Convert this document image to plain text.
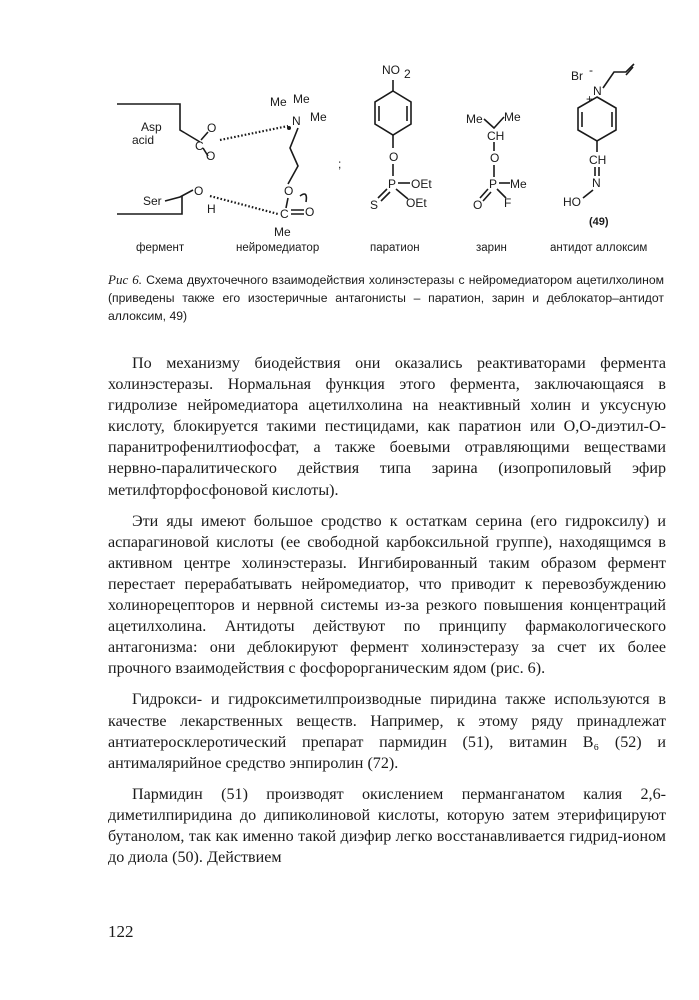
Asp
acid	C
O
O
Ser
O
H
Me Me
Me
N
O
C O
Me
;
NO 2
O
P OEt
OEt
S
Me Me
CH
O
P Me
F
O
Br -
N
+
CH
N
HO
(49)
фермент	нейромедиатор	паратион	зарин	антидот аллоксим
Рис 6. Схема двухточечного взаимодействия холинэстеразы с нейромедиатором ацетилхолином (приведены также его изостеричные антагонисты – паратион, зарин и деблокатор–антидот аллоксим, 49)

По механизму биодействия они оказались реактиваторами фермента холинэстеразы. Нормальная функция этого фермента, заключающаяся в гидролизе нейромедиатора ацетилхолина на неактивный холин и уксусную кислоту, блокируется такими пестицидами, как паратион или О,О-диэтил-О-паранитрофенилтиофосфат, а также боевыми отравляющими веществами нервно-паралитического действия типа зарина (изопропиловый эфир метилфторфосфоновой кислоты).

Эти яды имеют большое сродство к остаткам серина (его гидроксилу) и аспарагиновой кислоты (ее свободной карбоксильной группе), находящимся в активном центре холинэстеразы. Ингибированный таким образом фермент перестает перерабатывать нейромедиатор, что приводит к перевозбуждению холинорецепторов и нервной системы из-за резкого повышения концентраций ацетилхолина. Антидоты действуют по принципу фармакологического антагонизма: они деблокируют фермент холинэстеразу за счет их более прочного взаимодействия с фосфорорганическим ядом (рис. 6).

Гидрокси- и гидроксиметилпроизводные пиридина также используются в качестве лекарственных веществ. Например, к этому ряду принадлежат антиатеросклеротический препарат пармидин (51), витамин B₆ (52) и антималярийное средство энпиролин (72).

Пармидин (51) производят окислением перманганатом калия 2,6-диметилпиридина до дипиколиновой кислоты, которую затем этерифицируют бутанолом, так как именно такой диэфир легко восстанавливается гидрид-ионом до диола (50). Действием

122
